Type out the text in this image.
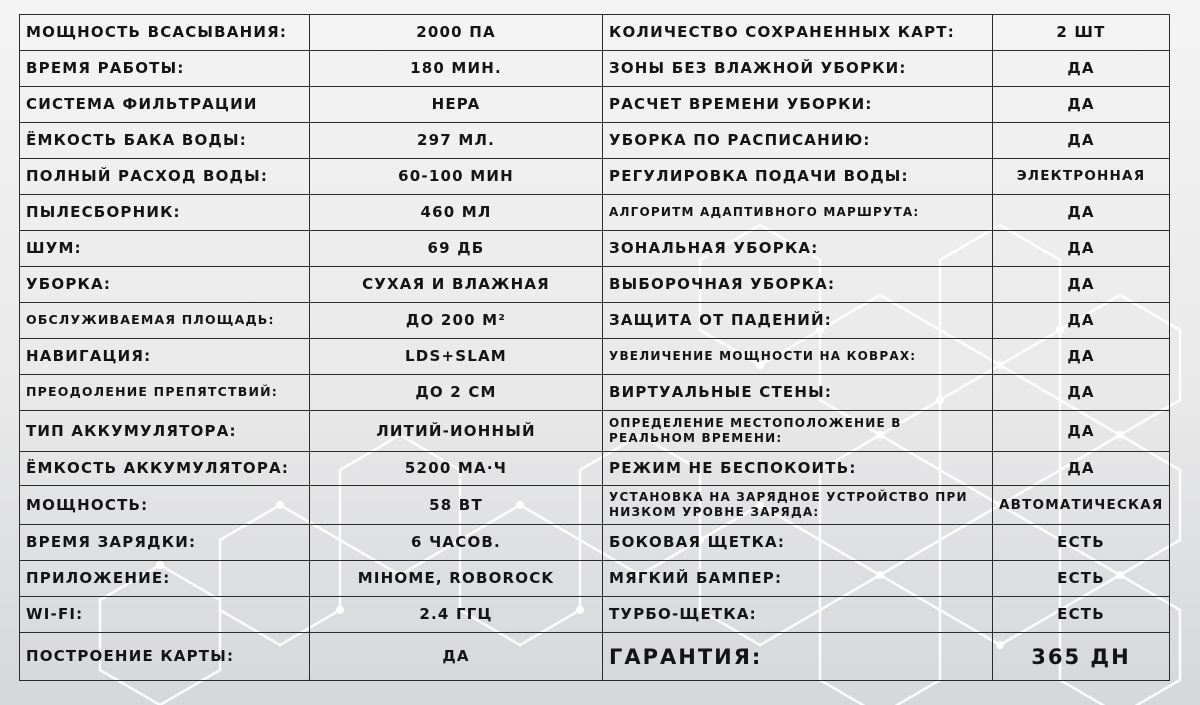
МОЩНОСТЬ ВСАСЫВАНИЯ:	2000 ПА	КОЛИЧЕСТВО СОХРАНЕННЫХ КАРТ:	2 ШТ
ВРЕМЯ РАБОТЫ:	180 МИН.	ЗОНЫ БЕЗ ВЛАЖНОЙ УБОРКИ:	ДА
СИСТЕМА ФИЛЬТРАЦИИ	HEPA	РАСЧЕТ ВРЕМЕНИ УБОРКИ:	ДА
ЁМКОСТЬ БАКА ВОДЫ:	297 МЛ.	УБОРКА ПО РАСПИСАНИЮ:	ДА
ПОЛНЫЙ РАСХОД ВОДЫ:	60-100 МИН	РЕГУЛИРОВКА ПОДАЧИ ВОДЫ:	ЭЛЕКТРОННАЯ
ПЫЛЕСБОРНИК:	460 МЛ	АЛГОРИТМ АДАПТИВНОГО МАРШРУТА:	ДА
ШУМ:	69 ДБ	ЗОНАЛЬНАЯ УБОРКА:	ДА
УБОРКА:	СУХАЯ И ВЛАЖНАЯ	ВЫБОРОЧНАЯ УБОРКА:	ДА
ОБСЛУЖИВАЕМАЯ ПЛОЩАДЬ:	ДО 200 М²	ЗАЩИТА ОТ ПАДЕНИЙ:	ДА
НАВИГАЦИЯ:	LDS+SLAM	УВЕЛИЧЕНИЕ МОЩНОСТИ НА КОВРАХ:	ДА
ПРЕОДОЛЕНИЕ ПРЕПЯТСТВИЙ:	ДО 2 СМ	ВИРТУАЛЬНЫЕ СТЕНЫ:	ДА
ТИП АККУМУЛЯТОРА:	ЛИТИЙ-ИОННЫЙ	ОПРЕДЕЛЕНИЕ МЕСТОПОЛОЖЕНИЕ В РЕАЛЬНОМ ВРЕМЕНИ:	ДА
ЁМКОСТЬ АККУМУЛЯТОРА:	5200 МА·Ч	РЕЖИМ НЕ БЕСПОКОИТЬ:	ДА
МОЩНОСТЬ:	58 ВТ	УСТАНОВКА НА ЗАРЯДНОЕ УСТРОЙСТВО ПРИ НИЗКОМ УРОВНЕ ЗАРЯДА:	АВТОМАТИЧЕСКАЯ
ВРЕМЯ ЗАРЯДКИ:	6 ЧАСОВ.	БОКОВАЯ ЩЕТКА:	ЕСТЬ
ПРИЛОЖЕНИЕ:	MIHOME, ROBOROCK	МЯГКИЙ БАМПЕР:	ЕСТЬ
WI-FI:	2.4 ГГЦ	ТУРБО-ЩЕТКА:	ЕСТЬ
ПОСТРОЕНИЕ КАРТЫ:	ДА	ГАРАНТИЯ:	365 ДН
